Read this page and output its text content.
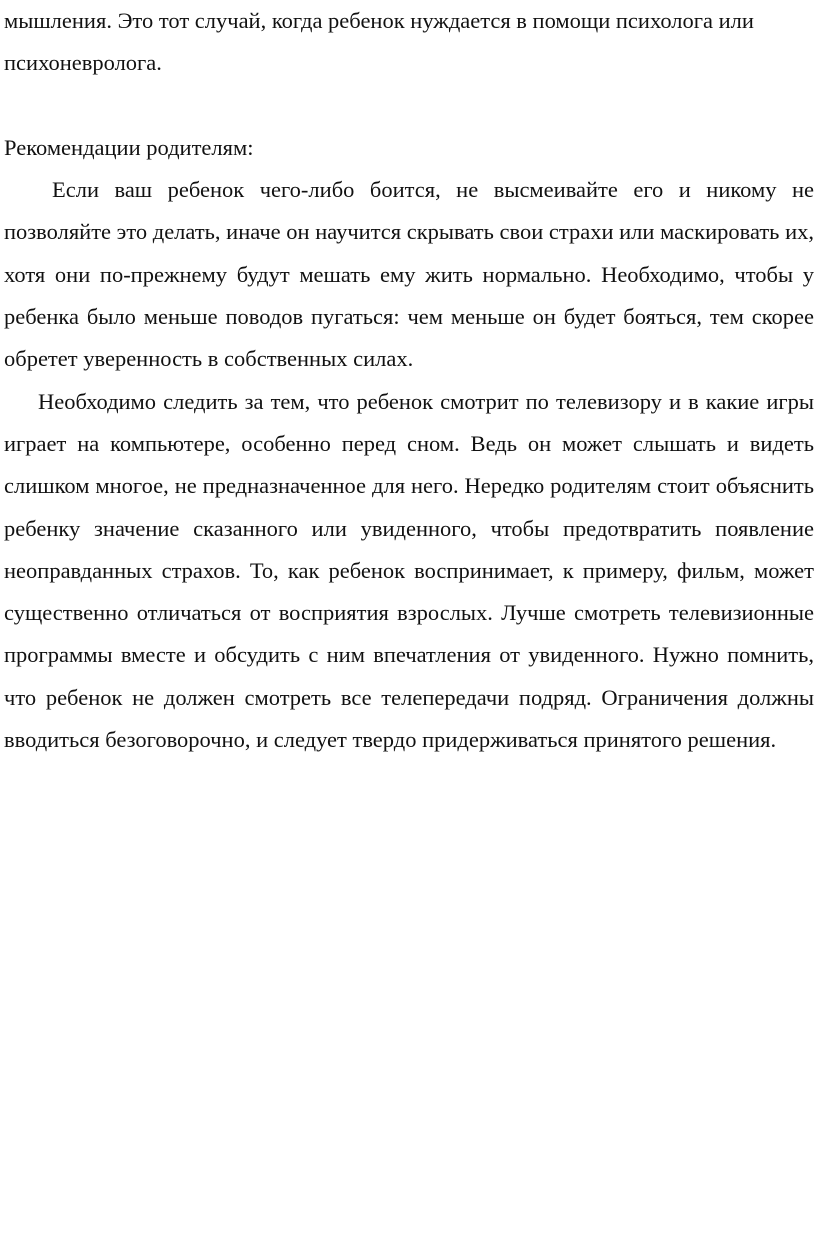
мышления. Это тот случай, когда ребенок нуждается в помощи психолога или психоневролога.

Рекомендации родителям:

Если ваш ребенок чего-либо боится, не высмеивайте его и никому не позволяйте это делать, иначе он научится скрывать свои страхи или маскировать их, хотя они по-прежнему будут мешать ему жить нормально. Необходимо, чтобы у ребенка было меньше поводов пугаться: чем меньше он будет бояться, тем скорее обретет уверенность в собственных силах.

Необходимо следить за тем, что ребенок смотрит по телевизору и в какие игры играет на компьютере, особенно перед сном. Ведь он может слышать и видеть слишком многое, не предназначенное для него. Нередко родителям стоит объяснить ребенку значение сказанного или увиденного, чтобы предотвратить появление неоправданных страхов. То, как ребенок воспринимает, к примеру, фильм, может существенно отличаться от восприятия взрослых. Лучше смотреть телевизионные программы вместе и обсудить с ним впечатления от увиденного. Нужно помнить, что ребенок не должен смотреть все телепередачи подряд. Ограничения должны вводиться безоговорочно, и следует твердо придерживаться принятого решения.
